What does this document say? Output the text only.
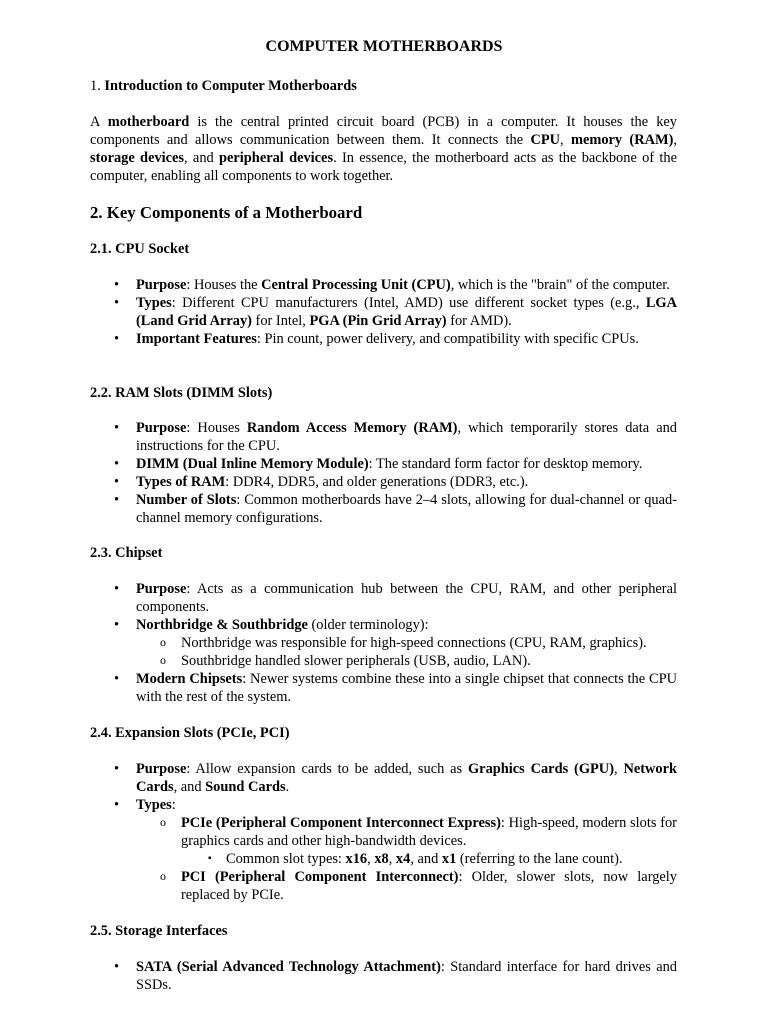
COMPUTER MOTHERBOARDS
1. Introduction to Computer Motherboards
A motherboard is the central printed circuit board (PCB) in a computer. It houses the key components and allows communication between them. It connects the CPU, memory (RAM), storage devices, and peripheral devices. In essence, the motherboard acts as the backbone of the computer, enabling all components to work together.
2. Key Components of a Motherboard
2.1. CPU Socket
• Purpose: Houses the Central Processing Unit (CPU), which is the "brain" of the computer.
• Types: Different CPU manufacturers (Intel, AMD) use different socket types (e.g., LGA (Land Grid Array) for Intel, PGA (Pin Grid Array) for AMD).
• Important Features: Pin count, power delivery, and compatibility with specific CPUs.
2.2. RAM Slots (DIMM Slots)
• Purpose: Houses Random Access Memory (RAM), which temporarily stores data and instructions for the CPU.
• DIMM (Dual Inline Memory Module): The standard form factor for desktop memory.
• Types of RAM: DDR4, DDR5, and older generations (DDR3, etc.).
• Number of Slots: Common motherboards have 2–4 slots, allowing for dual-channel or quad-channel memory configurations.
2.3. Chipset
• Purpose: Acts as a communication hub between the CPU, RAM, and other peripheral components.
• Northbridge & Southbridge (older terminology):
o Northbridge was responsible for high-speed connections (CPU, RAM, graphics).
o Southbridge handled slower peripherals (USB, audio, LAN).
• Modern Chipsets: Newer systems combine these into a single chipset that connects the CPU with the rest of the system.
2.4. Expansion Slots (PCIe, PCI)
• Purpose: Allow expansion cards to be added, such as Graphics Cards (GPU), Network Cards, and Sound Cards.
• Types:
o PCIe (Peripheral Component Interconnect Express): High-speed, modern slots for graphics cards and other high-bandwidth devices.
▪ Common slot types: x16, x8, x4, and x1 (referring to the lane count).
o PCI (Peripheral Component Interconnect): Older, slower slots, now largely replaced by PCIe.
2.5. Storage Interfaces
• SATA (Serial Advanced Technology Attachment): Standard interface for hard drives and SSDs.
